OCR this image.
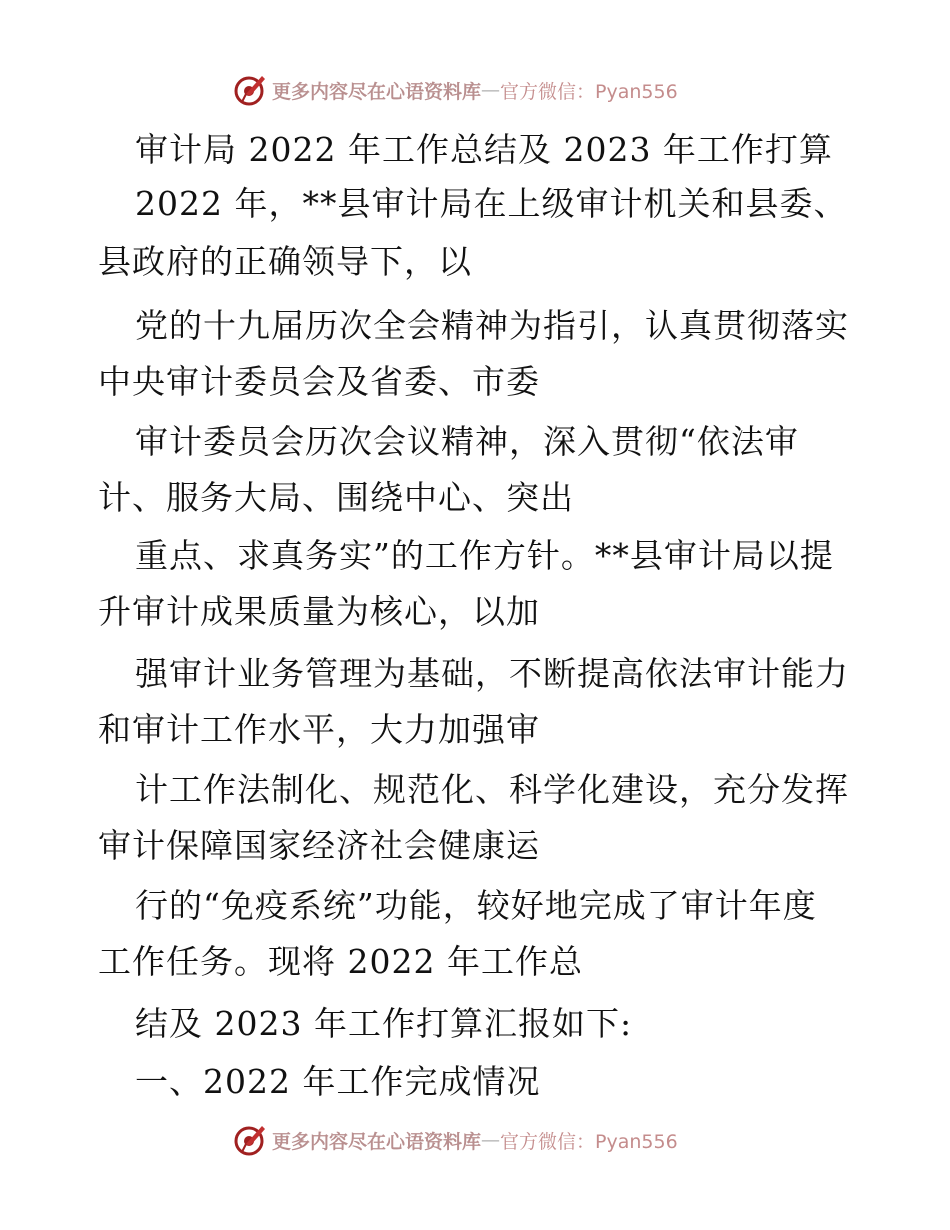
更多内容尽在心语资料库 — 官方微信：Pyan556
审计局 2022 年工作总结及 2023 年工作打算
2022 年，**县审计局在上级审计机关和县委、
县政府的正确领导下，以
党的十九届历次全会精神为指引，认真贯彻落实
中央审计委员会及省委、市委
审计委员会历次会议精神，深入贯彻“依法审
计、服务大局、围绕中心、突出
重点、求真务实”的工作方针。**县审计局以提
升审计成果质量为核心，以加
强审计业务管理为基础，不断提高依法审计能力
和审计工作水平，大力加强审
计工作法制化、规范化、科学化建设，充分发挥
审计保障国家经济社会健康运
行的“免疫系统”功能，较好地完成了审计年度
工作任务。现将 2022 年工作总
结及 2023 年工作打算汇报如下:
一、2022 年工作完成情况
更多内容尽在心语资料库 — 官方微信：Pyan556
